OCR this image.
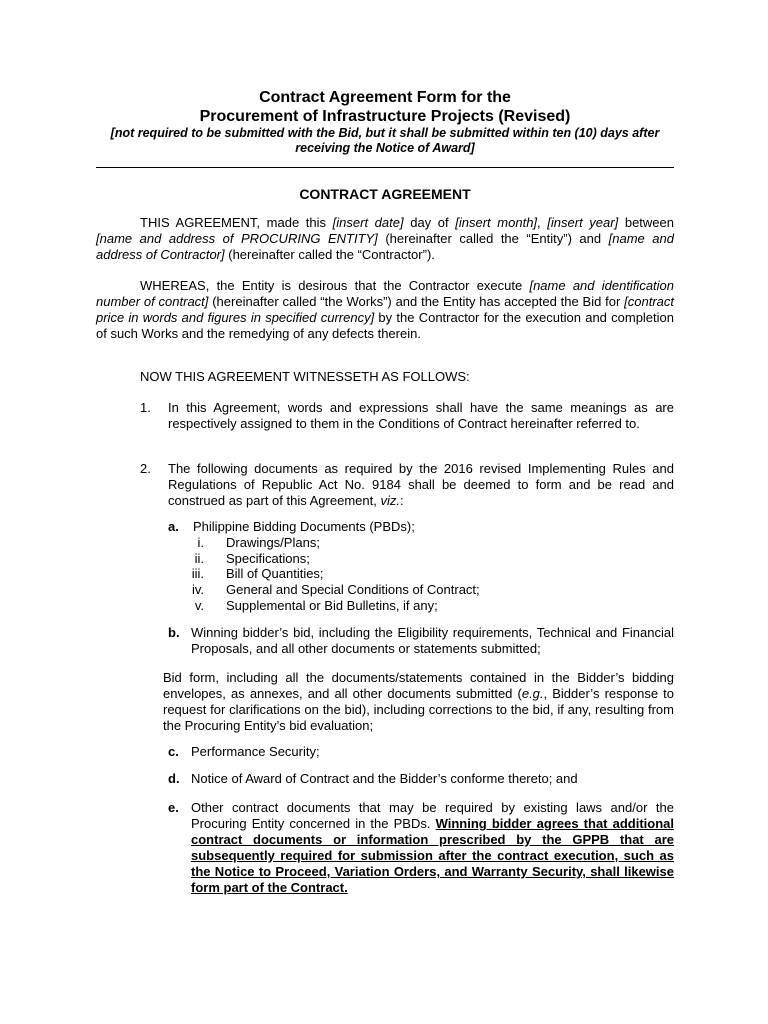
Contract Agreement Form for the
Procurement of Infrastructure Projects (Revised)
[not required to be submitted with the Bid, but it shall be submitted within ten (10) days after
receiving the Notice of Award]
CONTRACT AGREEMENT
THIS AGREEMENT, made this [insert date] day of [insert month], [insert year] between [name and address of PROCURING ENTITY] (hereinafter called the “Entity”) and [name and address of Contractor] (hereinafter called the “Contractor”).
WHEREAS, the Entity is desirous that the Contractor execute [name and identification number of contract] (hereinafter called “the Works”) and the Entity has accepted the Bid for [contract price in words and figures in specified currency] by the Contractor for the execution and completion of such Works and the remedying of any defects therein.
NOW THIS AGREEMENT WITNESSETH AS FOLLOWS:
1. In this Agreement, words and expressions shall have the same meanings as are respectively assigned to them in the Conditions of Contract hereinafter referred to.
2. The following documents as required by the 2016 revised Implementing Rules and Regulations of Republic Act No. 9184 shall be deemed to form and be read and construed as part of this Agreement, viz.:
a. Philippine Bidding Documents (PBDs);
i. Drawings/Plans;
ii. Specifications;
iii. Bill of Quantities;
iv. General and Special Conditions of Contract;
v. Supplemental or Bid Bulletins, if any;
b. Winning bidder’s bid, including the Eligibility requirements, Technical and Financial Proposals, and all other documents or statements submitted;
Bid form, including all the documents/statements contained in the Bidder’s bidding envelopes, as annexes, and all other documents submitted (e.g., Bidder’s response to request for clarifications on the bid), including corrections to the bid, if any, resulting from the Procuring Entity’s bid evaluation;
c. Performance Security;
d. Notice of Award of Contract and the Bidder’s conforme thereto; and
e. Other contract documents that may be required by existing laws and/or the Procuring Entity concerned in the PBDs. Winning bidder agrees that additional contract documents or information prescribed by the GPPB that are subsequently required for submission after the contract execution, such as the Notice to Proceed, Variation Orders, and Warranty Security, shall likewise form part of the Contract.
